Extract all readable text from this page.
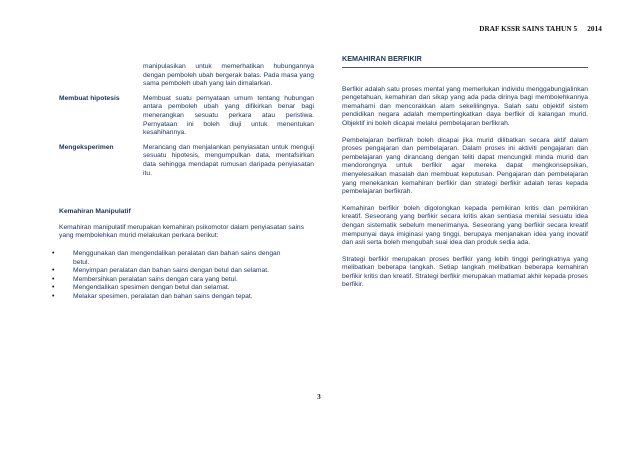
DRAF KSSR SAINS TAHUN 5 2014
manipulasikan untuk memerhatikan hubungannya dengan pemboleh ubah bergerak balas. Pada masa yang sama pemboleh ubah yang lain dimalarkan.
Membuat hipotesis	Membuat suatu pernyataan umum tentang hubungan antara pemboleh ubah yang difikirkan benar bagi menerangkan sesuatu perkara atau peristiwa. Pernyataan ini boleh diuji untuk menentukan kesahihannya.
Mengeksperimen	Merancang dan menjalankan penyiasatan untuk menguji sesuatu hipotesis, mengumpulkan data, mentafsirkan data sehingga mendapat rumusan daripada penyiasatan itu.
Kemahiran Manipulatif
Kemahiran manipulatif merupakan kemahiran psikomotor dalam penyiasatan sains yang membolehkan murid melakukan perkara berikut:
• Menggunakan dan mengendalikan peralatan dan bahan sains dengan betul.
• Menyimpan peralatan dan bahan sains dengan betul dan selamat.
• Membersihkan peralatan sains dengan cara yang betul.
• Mengendalikan spesimen dengan betul dan selamat.
• Melakar spesimen, peralatan dan bahan sains dengan tepat.
KEMAHIRAN BERFIKIR
Berfikir adalah satu proses mental yang memerlukan individu menggabungjalinkan pengetahuan, kemahiran dan sikap yang ada pada dirinya bagi membolehkannya memahami dan mencorakkan alam sekelilingnya. Salah satu objektif sistem pendidikan negara adalah mempertingkatkan daya berfikir di kalangan murid. Objektif ini boleh dicapai melalui pembelajaran berfikrah.
Pembelajaran berfikrah boleh dicapai jika murid dilibatkan secara aktif dalam proses pengajaran dan pembelajaran. Dalam proses ini aktiviti pengajaran dan pembelajaran yang dirancang dengan teliti dapat mencungkil minda murid dan mendorongnya untuk berfikir agar mereka dapat mengkonsepsikan, menyelesaikan masalah dan membuat keputusan. Pengajaran dan pembelajaran yang menekankan kemahiran berfikir dan strategi berfikir adalah teras kepada pembelajaran berfikrah.
Kemahiran berfikir boleh digolongkan kepada pemikiran kritis dan pemikiran kreatif. Seseorang yang berfikir secara kritis akan sentiasa menilai sesuatu idea dengan sistematik sebelum menerimanya. Seseorang yang berfikir secara kreatif mempunyai daya imiginasi yang tinggi, berupaya menjanakan idea yang inovatif dan asli serta boleh mengubah suai idea dan produk sedia ada.
Strategi berfikir merupakan proses berfikir yang lebih tinggi peringkatnya yang melibatkan beberapa langkah. Setiap langkah melibatkan beberapa kemahiran berfikir kritis dan kreatif. Strategi berfikir merupakan matlamat akhir kepada proses berfikir.
3
